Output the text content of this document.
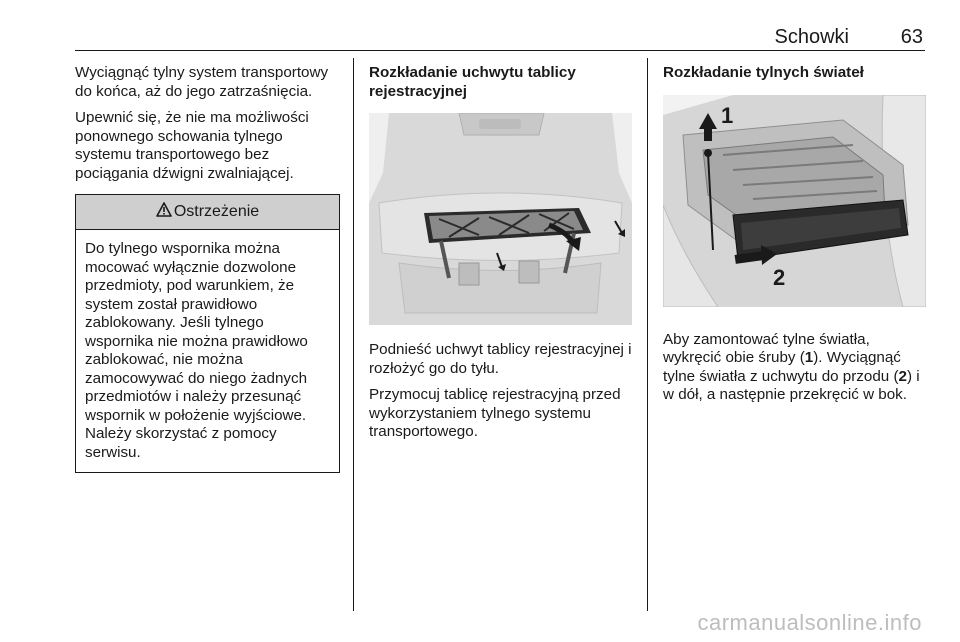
Schowki	63

Wyciągnąć tylny system transportowy do końca, aż do jego zatrzaśnięcia.

Upewnić się, że nie ma możliwości ponownego schowania tylnego systemu transportowego bez pociągania dźwigni zwalniającej.

Ostrzeżenie
Do tylnego wspornika można mocować wyłącznie dozwolone przedmioty, pod warunkiem, że system został prawidłowo zablokowany. Jeśli tylnego wspornika nie można prawidłowo zablokować, nie można zamocowywać do niego żadnych przedmiotów i należy przesunąć wspornik w położenie wyjściowe. Należy skorzystać z pomocy serwisu.
Rozkładanie uchwytu tablicy rejestracyjnej

Podnieść uchwyt tablicy rejestracyjnej i rozłożyć go do tyłu.

Przymocuj tablicę rejestracyjną przed wykorzystaniem tylnego systemu transportowego.

Rozkładanie tylnych świateł
1
2

Aby zamontować tylne światła, wykręcić obie śruby (1). Wyciągnąć tylne światła z uchwytu do przodu (2) i w dół, a następnie przekręcić w bok.

carmanualsonline.info
